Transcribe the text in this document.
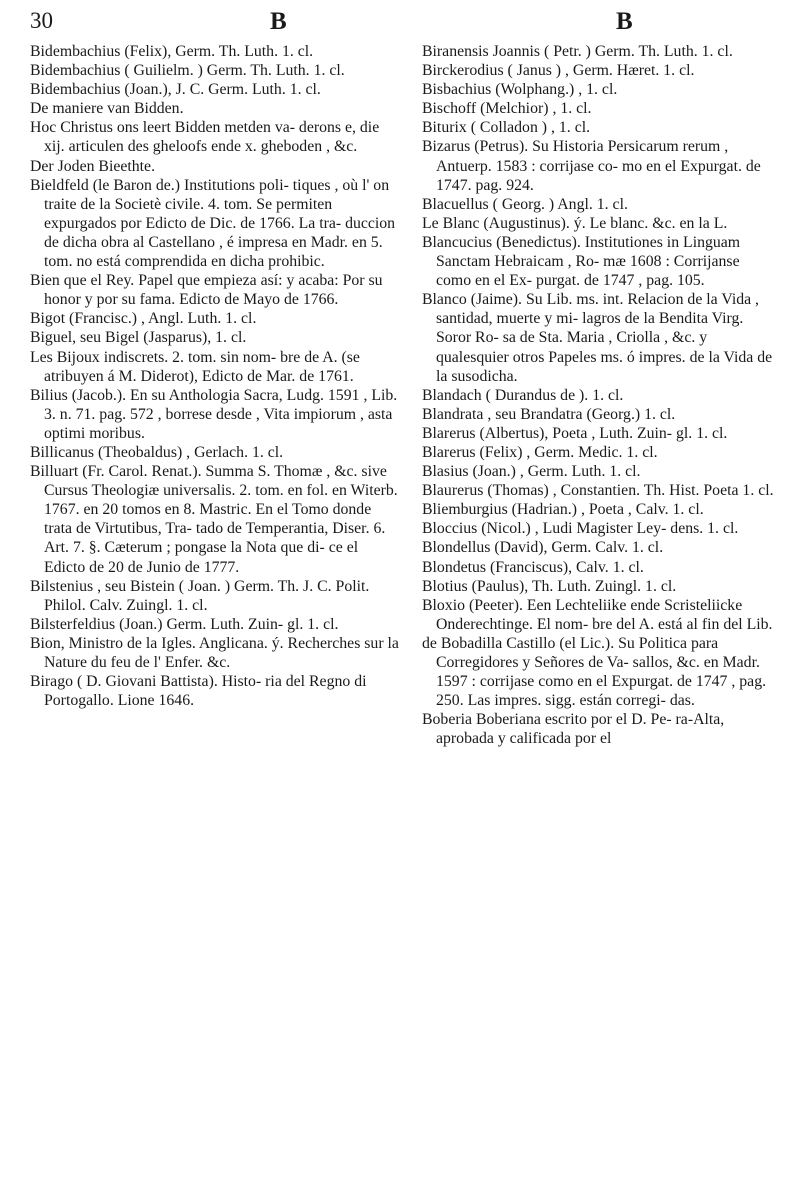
30	B	B
Bidembachius (Felix), Germ. Th. Luth. 1. cl.
Bidembachius ( Guilielm. ) Germ. Th. Luth. 1. cl.
Bidembachius (Joan.), J. C. Germ. Luth. 1. cl.
De maniere van Bidden.
Hoc Christus ons leert Bidden metden va- derons e, die xij. articulen des gheloofs ende x. gheboden , &c.
Der Joden Bieethte.
Bieldfeld (le Baron de.) Institutions poli- tiques , où l' on traite de la Societè civile. 4. tom. Se permiten expurgados por Edicto de Dic. de 1766. La tra- duccion de dicha obra al Castellano , é impresa en Madr. en 5. tom. no está comprendida en dicha prohibic.
Bien que el Rey. Papel que empieza así: y acaba: Por su honor y por su fama. Edicto de Mayo de 1766.
Bigot (Francisc.) , Angl. Luth. 1. cl.
Biguel, seu Bigel (Jasparus), 1. cl.
Les Bijoux indiscrets. 2. tom. sin nom- bre de A. (se atribuyen á M. Diderot), Edicto de Mar. de 1761.
Bilius (Jacob.). En su Anthologia Sacra, Ludg. 1591 , Lib. 3. n. 71. pag. 572 , borrese desde , Vita impiorum , asta optimi moribus.
Billicanus (Theobaldus) , Gerlach. 1. cl.
Billuart (Fr. Carol. Renat.). Summa S. Thomæ , &c. sive Cursus Theologiæ universalis. 2. tom. en fol. en Witerb. 1767. en 20 tomos en 8. Mastric. En el Tomo donde trata de Virtutibus, Tra- tado de Temperantia, Diser. 6. Art. 7. §. Cæterum ; pongase la Nota que di- ce el Edicto de 20 de Junio de 1777.
Bilstenius , seu Bistein ( Joan. ) Germ. Th. J. C. Polit. Philol. Calv. Zuingl. 1. cl.
Bilsterfeldius (Joan.) Germ. Luth. Zuin- gl. 1. cl.
Bion, Ministro de la Igles. Anglicana. ý. Recherches sur la Nature du feu de l' Enfer. &c.
Birago ( D. Giovani Battista). Histo- ria del Regno di Portogallo. Lione 1646.
Biranensis Joannis ( Petr. ) Germ. Th. Luth. 1. cl.
Birckerodius ( Janus ) , Germ. Hæret. 1. cl.
Bisbachius (Wolphang.) , 1. cl.
Bischoff (Melchior) , 1. cl.
Biturix ( Colladon ) , 1. cl.
Bizarus (Petrus). Su Historia Persicarum rerum , Antuerp. 1583 : corrijase co- mo en el Expurgat. de 1747. pag. 924.
Blacuellus ( Georg. ) Angl. 1. cl.
Le Blanc (Augustinus). ý. Le blanc. &c. en la L.
Blancucius (Benedictus). Institutiones in Linguam Sanctam Hebraicam , Ro- mæ 1608 : Corrijanse como en el Ex- purgat. de 1747 , pag. 105.
Blanco (Jaime). Su Lib. ms. int. Relacion de la Vida , santidad, muerte y mi- lagros de la Bendita Virg. Soror Ro- sa de Sta. Maria , Criolla , &c. y qualesquier otros Papeles ms. ó impres. de la Vida de la susodicha.
Blandach ( Durandus de ). 1. cl.
Blandrata , seu Brandatra (Georg.) 1. cl.
Blarerus (Albertus), Poeta , Luth. Zuin- gl. 1. cl.
Blarerus (Felix) , Germ. Medic. 1. cl.
Blasius (Joan.) , Germ. Luth. 1. cl.
Blaurerus (Thomas) , Constantien. Th. Hist. Poeta 1. cl.
Bliemburgius (Hadrian.) , Poeta , Calv. 1. cl.
Bloccius (Nicol.) , Ludi Magister Ley- dens. 1. cl.
Blondellus (David), Germ. Calv. 1. cl.
Blondetus (Franciscus), Calv. 1. cl.
Blotius (Paulus), Th. Luth. Zuingl. 1. cl.
Bloxio (Peeter). Een Lechteliike ende Scristeliicke Onderechtinge. El nom- bre del A. está al fin del Lib.
de Bobadilla Castillo (el Lic.). Su Politica para Corregidores y Señores de Va- sallos, &c. en Madr. 1597 : corrijase como en el Expurgat. de 1747 , pag. 250. Las impres. sigg. están corregi- das.
Boberia Boberiana escrito por el D. Pe- ra-Alta, aprobada y calificada por el
